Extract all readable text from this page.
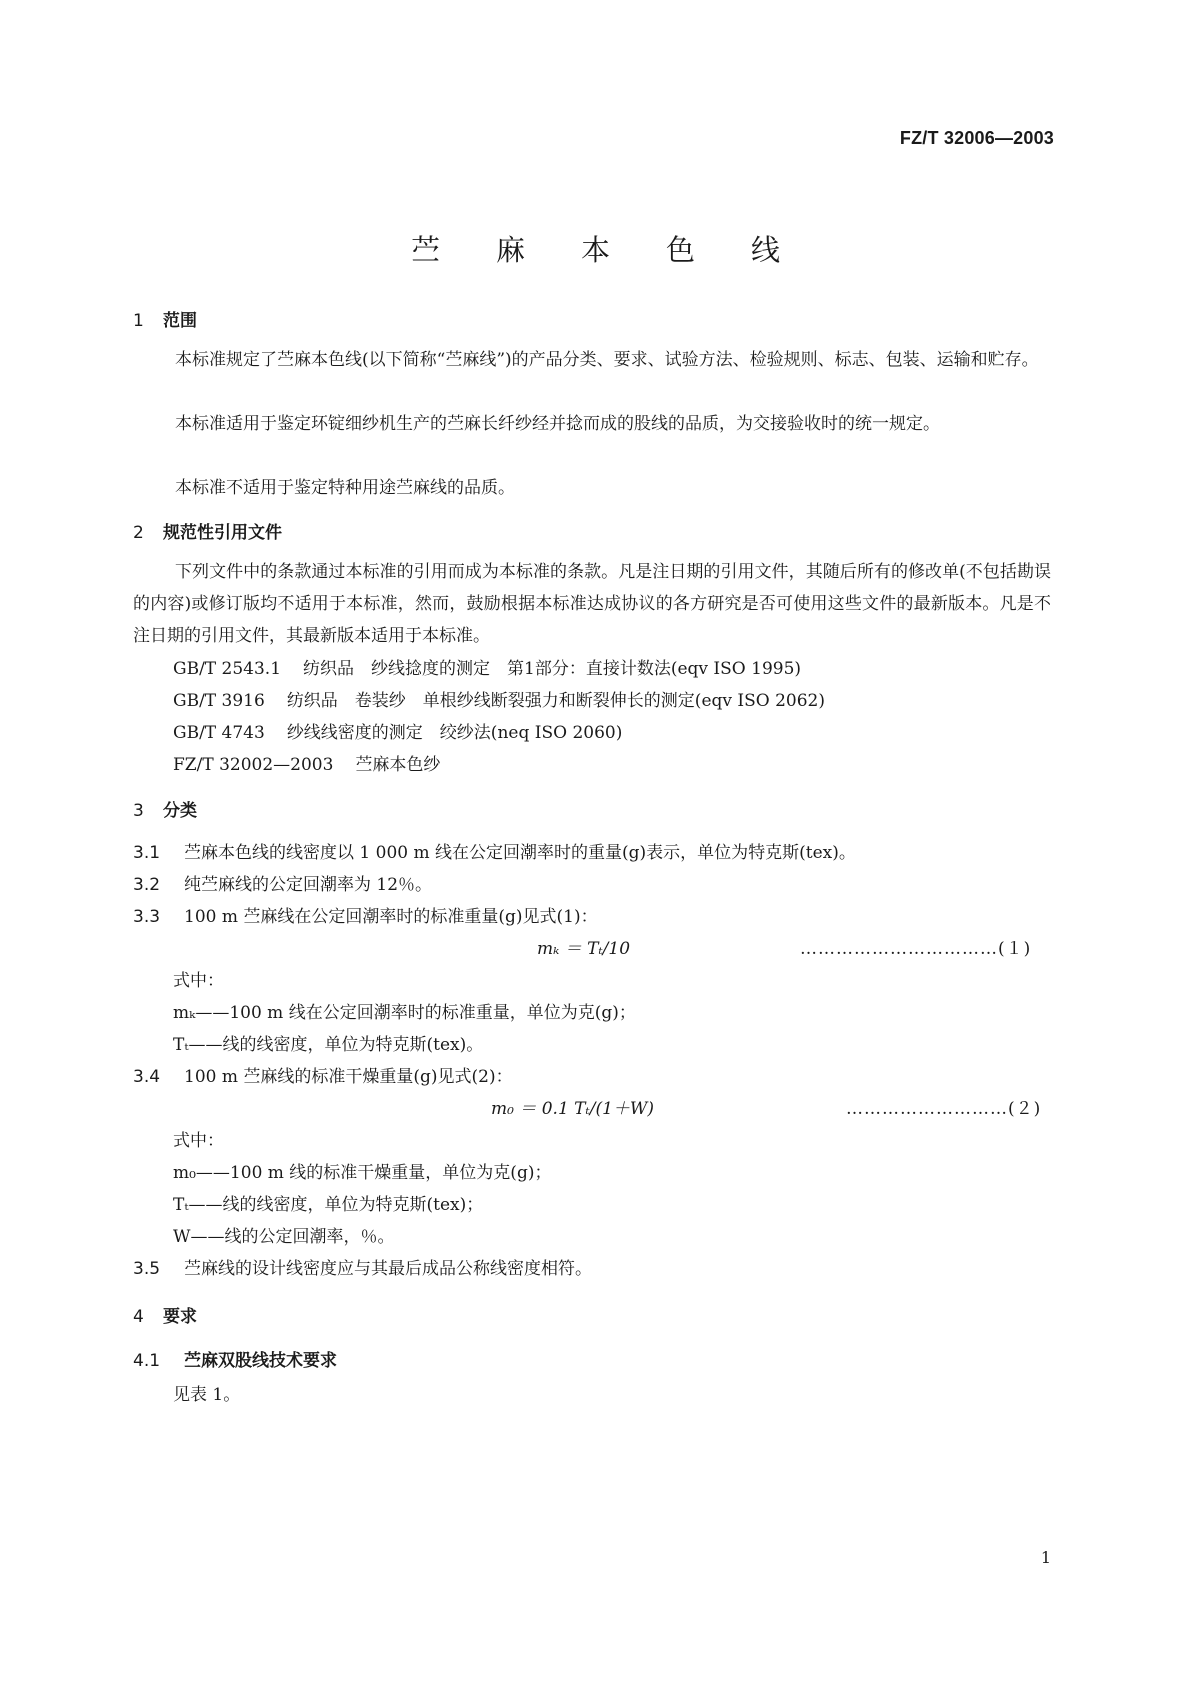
FZ/T 32006—2003
苎麻本色线
1 范围
本标准规定了苎麻本色线(以下简称“苎麻线”)的产品分类、要求、试验方法、检验规则、标志、包装、运输和贮存。
本标准适用于鉴定环锭细纱机生产的苎麻长纤纱经并捻而成的股线的品质，为交接验收时的统一规定。
本标准不适用于鉴定特种用途苎麻线的品质。
2 规范性引用文件
下列文件中的条款通过本标准的引用而成为本标准的条款。凡是注日期的引用文件，其随后所有的修改单(不包括勘误的内容)或修订版均不适用于本标准，然而，鼓励根据本标准达成协议的各方研究是否可使用这些文件的最新版本。凡是不注日期的引用文件，其最新版本适用于本标准。
GB/T 2543.1 纺织品　纱线捻度的测定　第1部分：直接计数法(eqv ISO 1995)
GB/T 3916 纺织品　卷装纱　单根纱线断裂强力和断裂伸长的测定(eqv ISO 2062)
GB/T 4743 纱线线密度的测定　绞纱法(neq ISO 2060)
FZ/T 32002—2003 苎麻本色纱
3 分类
3.1 苎麻本色线的线密度以 1 000 m 线在公定回潮率时的重量(g)表示，单位为特克斯(tex)。
3.2 纯苎麻线的公定回潮率为 12％。
3.3 100 m 苎麻线在公定回潮率时的标准重量(g)见式(1)：
mₖ ＝ Tₜ/10	……………………………(１)
式中：
mₖ——100 m 线在公定回潮率时的标准重量，单位为克(g)；
Tₜ——线的线密度，单位为特克斯(tex)。
3.4 100 m 苎麻线的标准干燥重量(g)见式(2)：
m₀ ＝ 0.1 Tₜ/(1＋W)	………………………(２)
式中：
m₀——100 m 线的标准干燥重量，单位为克(g)；
Tₜ——线的线密度，单位为特克斯(tex)；
W——线的公定回潮率，％。
3.5 苎麻线的设计线密度应与其最后成品公称线密度相符。
4 要求
4.1 苎麻双股线技术要求
见表 1。
1
